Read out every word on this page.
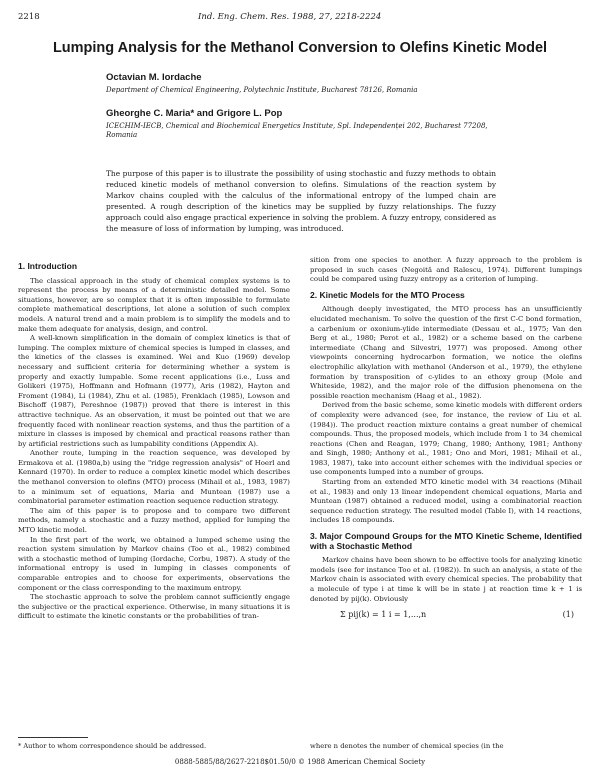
2218	Ind. Eng. Chem. Res. 1988, 27, 2218-2224
Lumping Analysis for the Methanol Conversion to Olefins Kinetic Model
Octavian M. Iordache
Department of Chemical Engineering, Polytechnic Institute, Bucharest 78126, Romania
Gheorghe C. Maria* and Grigore L. Pop
ICECHIM-IECB, Chemical and Biochemical Energetics Institute, Spl. Independenței 202, Bucharest 77208, Romania
The purpose of this paper is to illustrate the possibility of using stochastic and fuzzy methods to obtain reduced kinetic models of methanol conversion to olefins. Simulations of the reaction system by Markov chains coupled with the calculus of the informational entropy of the lumped chain are presented. A rough description of the kinetics may be supplied by fuzzy relationships. The fuzzy approach could also engage practical experience in solving the problem. A fuzzy entropy, considered as the measure of loss of information by lumping, was introduced.
1. Introduction

The classical approach in the study of chemical complex systems is to represent the process by means of a deterministic detailed model. Some situations, however, are so complex that it is often impossible to formulate complete mathematical descriptions, let alone a solution of such complex models. A natural trend and a main problem is to simplify the models and to make them adequate for analysis, design, and control.

A well-known simplification in the domain of complex kinetics is that of lumping. The complex mixture of chemical species is lumped in classes, and the kinetics of the classes is examined. Wei and Kuo (1969) develop necessary and sufficient criteria for determining whether a system is properly and exactly lumpable. Some recent applications (i.e., Luss and Golikeri (1975), Hoffmann and Hofmann (1977), Aris (1982), Hayton and Froment (1984), Li (1984), Zhu et al. (1985), Frenklach (1985), Lowson and Bischoff (1987), Pereshnoe (1987)) proved that there is interest in this attractive technique. As an observation, it must be pointed out that we are frequently faced with nonlinear reaction systems, and thus the partition of a mixture in classes is imposed by chemical and practical reasons rather than by artificial restrictions such as lumpability conditions (Appendix A).

Another route, lumping in the reaction sequence, was developed by Ermakova et al. (1980a,b) using the "ridge regression analysis" of Hoerl and Kennard (1970). In order to reduce a complex kinetic model which describes the methanol conversion to olefins (MTO) process (Mihail et al., 1983, 1987) to a minimum set of equations, Maria and Muntean (1987) use a combinatorial parameter estimation reaction sequence reduction strategy.

The aim of this paper is to propose and to compare two different methods, namely a stochastic and a fuzzy method, applied for lumping the MTO kinetic model.

In the first part of the work, we obtained a lumped scheme using the reaction system simulation by Markov chains (Too et al., 1982) combined with a stochastic method of lumping (Iordache, Corbu, 1987). A study of the informational entropy is used in lumping in classes components of comparable entropies and to choose for experiments, observations the component or the class corresponding to the maximum entropy.

The stochastic approach to solve the problem cannot sufficiently engage the subjective or the practical experience. Otherwise, in many situations it is difficult to estimate the kinetic constants or the probabilities of tran-

sition from one species to another. A fuzzy approach to the problem is proposed in such cases (Negoită and Ralescu, 1974). Different lumpings could be compared using fuzzy entropy as a criterion of lumping.

2. Kinetic Models for the MTO Process

Although deeply investigated, the MTO process has an unsufficiently elucidated mechanism. To solve the question of the first C-C bond formation, a carbenium or oxonium-ylide intermediate (Dessau et al., 1975; Van den Berg et al., 1980; Perot et al., 1982) or a scheme based on the carbene intermediate (Chang and Silvestri, 1977) was proposed. Among other viewpoints concerning hydrocarbon formation, we notice the olefins electrophilic alkylation with methanol (Anderson et al., 1979), the ethylene formation by transposition of c-ylides to an ethoxy group (Mole and Whiteside, 1982), and the major role of the diffusion phenomena on the possible reaction mechanism (Haag et al., 1982).

Derived from the basic scheme, some kinetic models with different orders of complexity were advanced (see, for instance, the review of Liu et al. (1984)). The product reaction mixture contains a great number of chemical compounds. Thus, the proposed models, which include from 1 to 34 chemical reactions (Chen and Reagan, 1979; Chang, 1980; Anthony, 1981; Anthony and Singh, 1980; Anthony et al., 1981; Ono and Mori, 1981; Mihail et al., 1983, 1987), take into account either schemes with the individual species or use components lumped into a number of groups.

Starting from an extended MTO kinetic model with 34 reactions (Mihail et al., 1983) and only 13 linear independent chemical equations, Maria and Muntean (1987) obtained a reduced model, using a combinatorial reaction sequence reduction strategy. The resulted model (Table I), with 14 reactions, includes 18 compounds.

3. Major Compound Groups for the MTO Kinetic Scheme, Identified with a Stochastic Method

Markov chains have been shown to be effective tools for analyzing kinetic models (see for instance Too et al. (1982)). In such an analysis, a state of the Markov chain is associated with every chemical species. The probability that a molecule of type i at time k will be in state j at reaction time k + 1 is denoted by pij(k). Obviously

Σ pij(k) = 1 i = 1,...,n	(1)
* Author to whom correspondence should be addressed.	where n denotes the number of chemical species (in the
0888-5885/88/2627-2218$01.50/0 © 1988 American Chemical Society
